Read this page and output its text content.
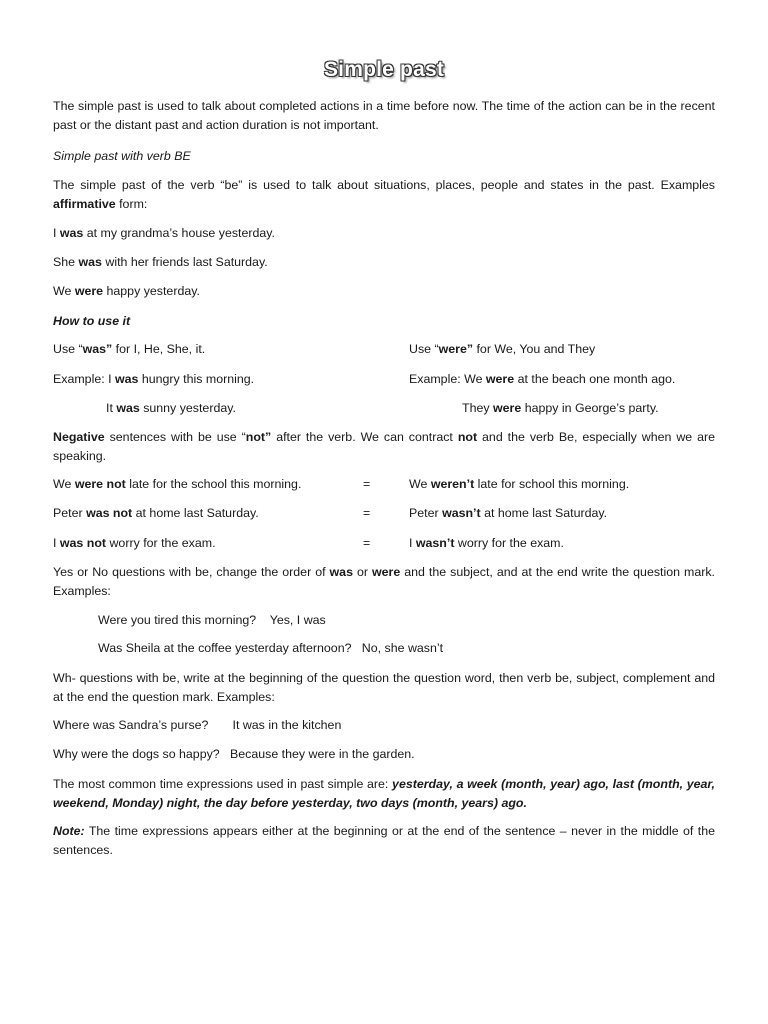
Simple past
The simple past is used to talk about completed actions in a time before now. The time of the action can be in the recent past or the distant past and action duration is not important.
Simple past with verb BE
The simple past of the verb “be” is used to talk about situations, places, people and states in the past. Examples affirmative form:
I was at my grandma’s house yesterday.
She was with her friends last Saturday.
We were happy yesterday.
How to use it
Use “was” for I, He, She, it.	Use “were” for We, You and They
Example: I was hungry this morning.	Example: We were at the beach one month ago.
It was sunny yesterday.	They were happy in George’s party.
Negative sentences with be use “not” after the verb. We can contract not and the verb Be, especially when we are speaking.
We were not late for the school this morning.	=	We weren’t late for school this morning.
Peter was not at home last Saturday.	=	Peter wasn’t at home last Saturday.
I was not worry for the exam.	=	I wasn’t worry for the exam.
Yes or No questions with be, change the order of was or were and the subject, and at the end write the question mark. Examples:
Were you tired this morning?    Yes, I was
Was Sheila at the coffee yesterday afternoon?   No, she wasn’t
Wh- questions with be, write at the beginning of the question the question word, then verb be, subject, complement and at the end the question mark. Examples:
Where was Sandra’s purse?       It was in the kitchen
Why were the dogs so happy?   Because they were in the garden.
The most common time expressions used in past simple are: yesterday, a week (month, year) ago, last (month, year, weekend, Monday) night, the day before yesterday, two days (month, years) ago.
Note: The time expressions appears either at the beginning or at the end of the sentence – never in the middle of the sentences.
